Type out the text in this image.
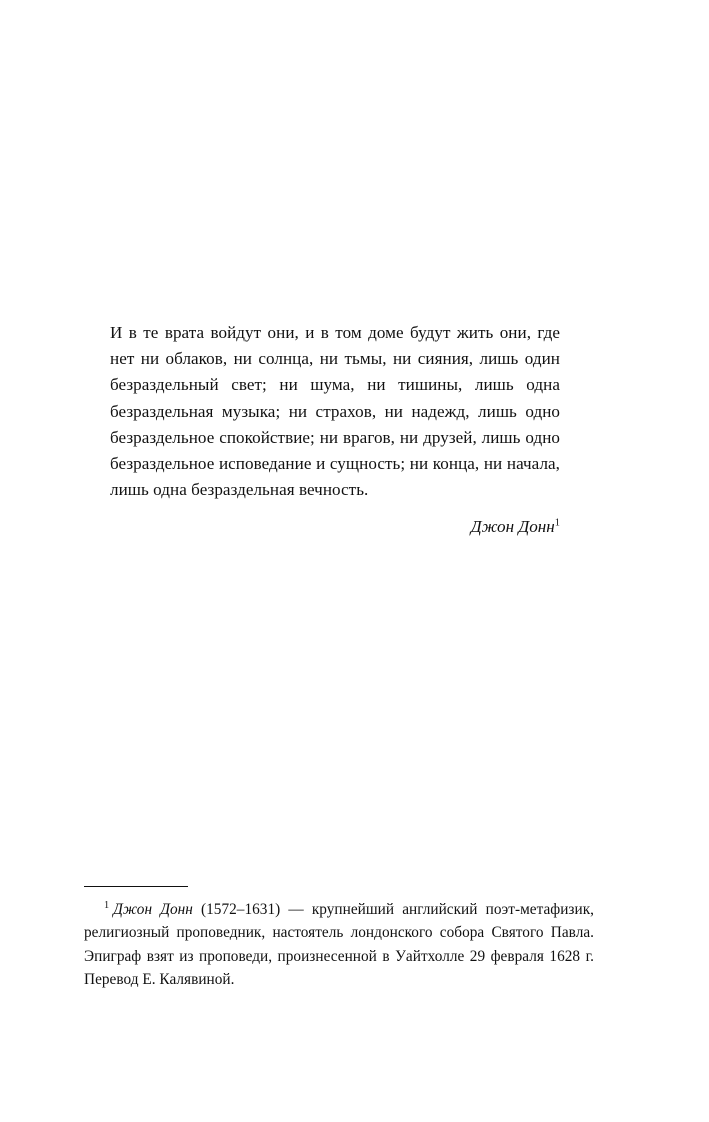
И в те врата войдут они, и в том доме будут жить они, где нет ни облаков, ни солнца, ни тьмы, ни сияния, лишь один безраздельный свет; ни шума, ни тишины, лишь одна безраздельная музыка; ни страхов, ни надежд, лишь одно безраздельное спокойствие; ни врагов, ни друзей, лишь одно безраздельное исповедание и сущность; ни конца, ни начала, лишь одна безраздельная вечность.

Джон Донн$^1$

$^1$ Джон Донн (1572–1631) — крупнейший английский поэт-метафизик, религиозный проповедник, настоятель лондонского собора Святого Павла. Эпиграф взят из проповеди, произнесенной в Уайтхолле 29 февраля 1628 г. Перевод Е. Калявиной.
